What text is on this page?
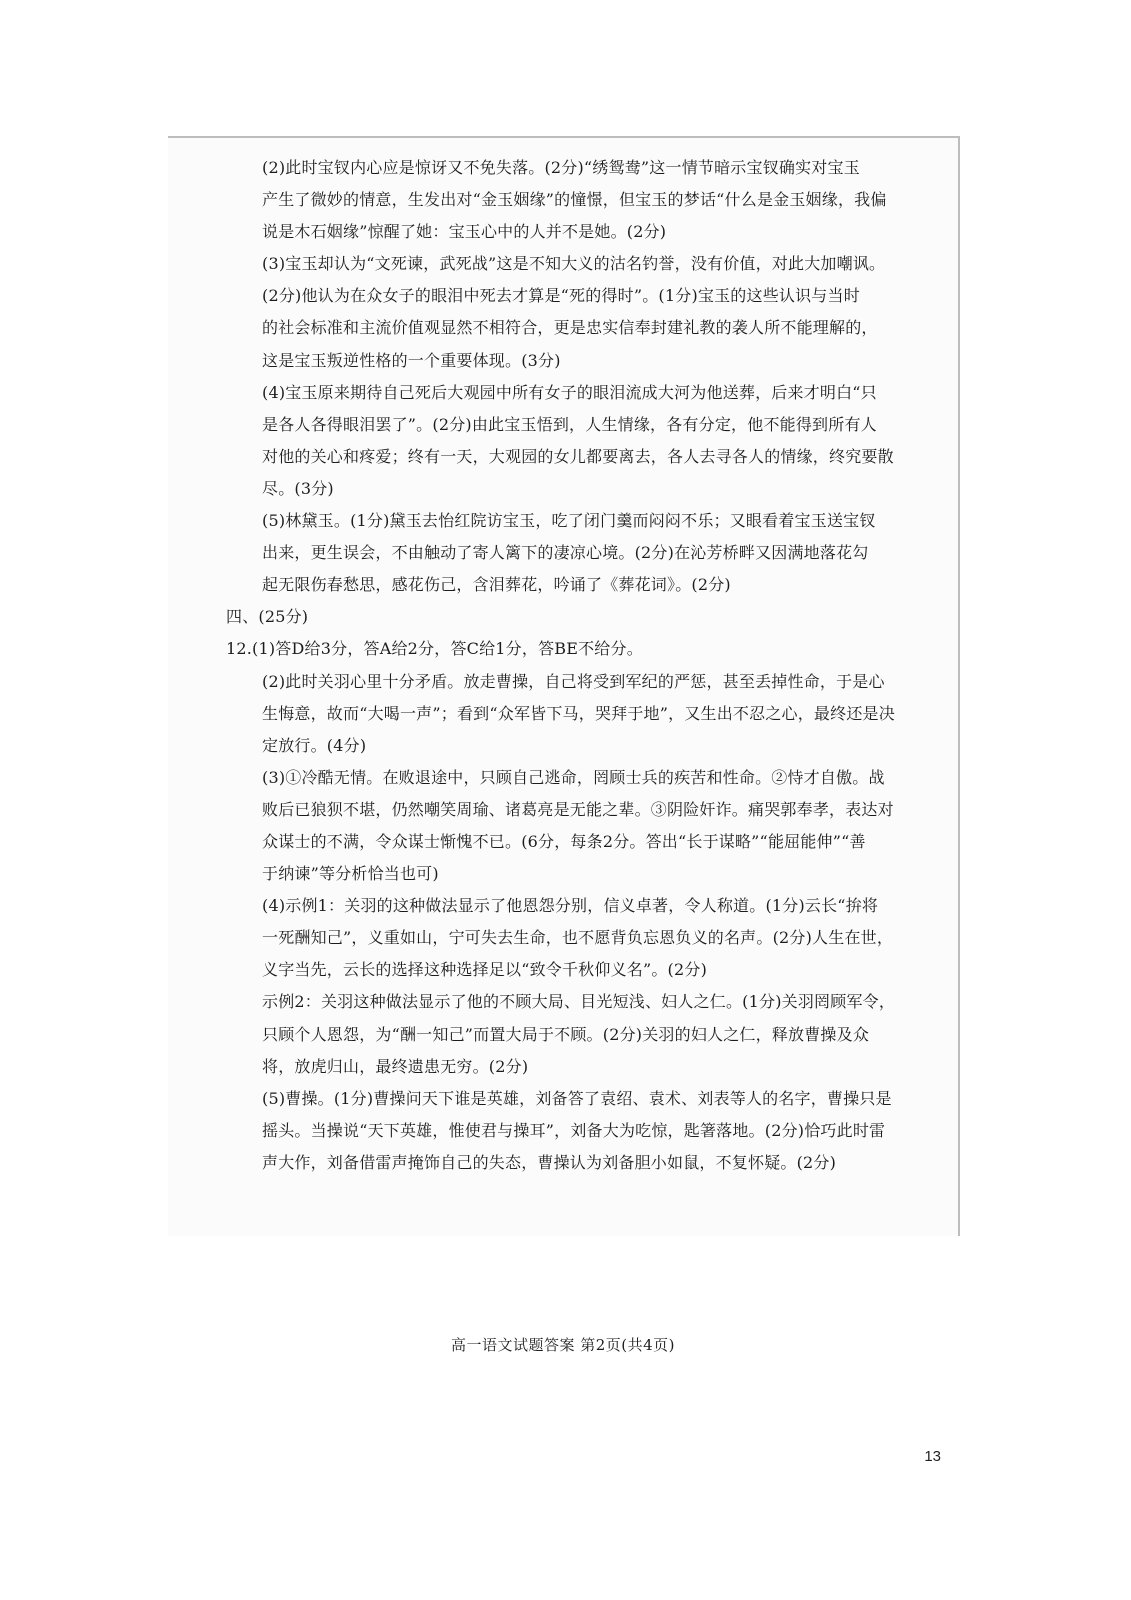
高一语文试题答案 第2页(共4页)
(2)此时宝钗内心应是惊讶又不免失落。(2分)“绣鸳鸯”这一情节暗示宝钗确实对宝玉
产生了微妙的情意，生发出对“金玉姻缘”的憧憬，但宝玉的梦话“什么是金玉姻缘，我偏
说是木石姻缘”惊醒了她：宝玉心中的人并不是她。(2分)
(3)宝玉却认为“文死谏，武死战”这是不知大义的沽名钓誉，没有价值，对此大加嘲讽。
(2分)他认为在众女子的眼泪中死去才算是“死的得时”。(1分)宝玉的这些认识与当时
的社会标准和主流价值观显然不相符合，更是忠实信奉封建礼教的袭人所不能理解的，
这是宝玉叛逆性格的一个重要体现。(3分)
(4)宝玉原来期待自己死后大观园中所有女子的眼泪流成大河为他送葬，后来才明白“只
是各人各得眼泪罢了”。(2分)由此宝玉悟到，人生情缘，各有分定，他不能得到所有人
对他的关心和疼爱；终有一天，大观园的女儿都要离去，各人去寻各人的情缘，终究要散
尽。(3分)
(5)林黛玉。(1分)黛玉去怡红院访宝玉，吃了闭门羹而闷闷不乐；又眼看着宝玉送宝钗
出来，更生误会，不由触动了寄人篱下的凄凉心境。(2分)在沁芳桥畔又因满地落花勾
起无限伤春愁思，感花伤己，含泪葬花，吟诵了《葬花词》。(2分)
四、(25分)
12.(1)答D给3分，答A给2分，答C给1分，答BE不给分。
(2)此时关羽心里十分矛盾。放走曹操，自己将受到军纪的严惩，甚至丢掉性命，于是心
生悔意，故而“大喝一声”；看到“众军皆下马，哭拜于地”，又生出不忍之心，最终还是决
定放行。(4分)
(3)①冷酷无情。在败退途中，只顾自己逃命，罔顾士兵的疾苦和性命。②恃才自傲。战
败后已狼狈不堪，仍然嘲笑周瑜、诸葛亮是无能之辈。③阴险奸诈。痛哭郭奉孝，表达对
众谋士的不满，令众谋士惭愧不已。(6分，每条2分。答出“长于谋略”“能屈能伸”“善
于纳谏”等分析恰当也可)
(4)示例1：关羽的这种做法显示了他恩怨分别，信义卓著，令人称道。(1分)云长“拚将
一死酬知己”，义重如山，宁可失去生命，也不愿背负忘恩负义的名声。(2分)人生在世，
义字当先，云长的选择这种选择足以“致令千秋仰义名”。(2分)
示例2：关羽这种做法显示了他的不顾大局、目光短浅、妇人之仁。(1分)关羽罔顾军令，
只顾个人恩怨，为“酬一知己”而置大局于不顾。(2分)关羽的妇人之仁，释放曹操及众
将，放虎归山，最终遗患无穷。(2分)
(5)曹操。(1分)曹操问天下谁是英雄，刘备答了袁绍、袁术、刘表等人的名字，曹操只是
摇头。当操说“天下英雄，惟使君与操耳”，刘备大为吃惊，匙箸落地。(2分)恰巧此时雷
声大作，刘备借雷声掩饰自己的失态，曹操认为刘备胆小如鼠，不复怀疑。(2分)
13
